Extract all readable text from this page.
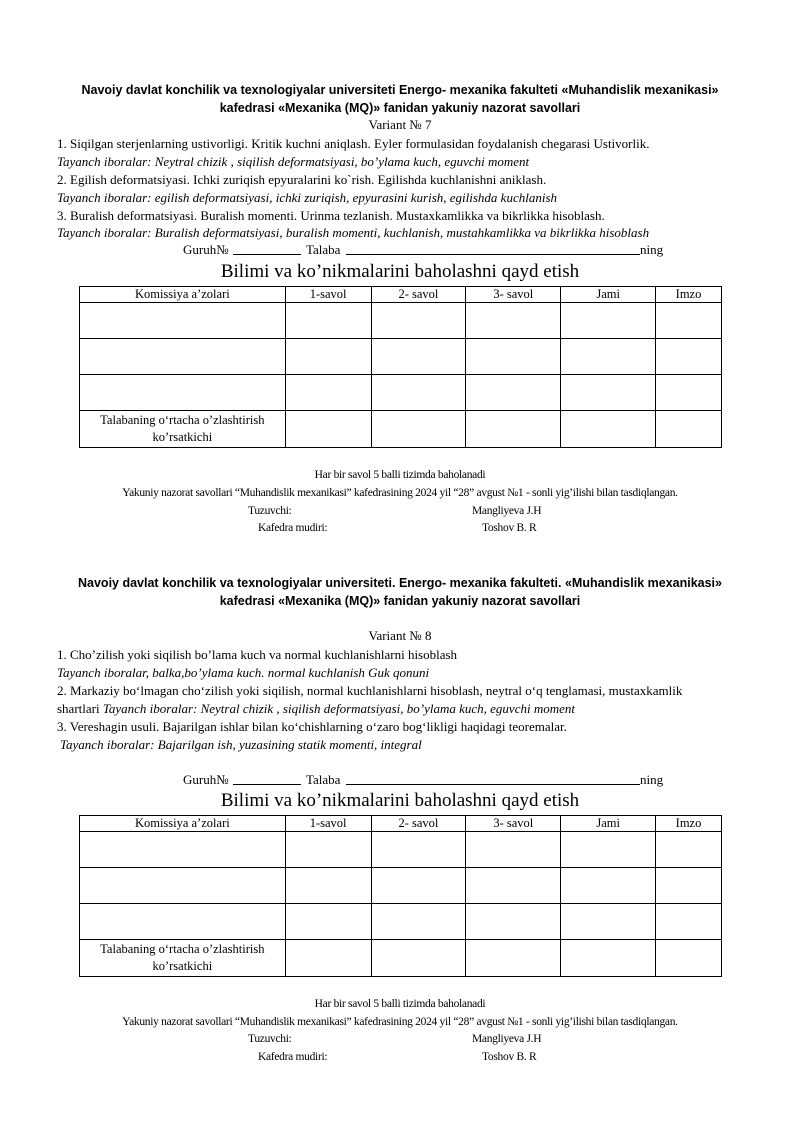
Navoiy davlat konchilik va texnologiyalar universiteti Energo- mexanika fakulteti «Muhandislik mexanikasi»
kafedrasi «Mexanika (MQ)» fanidan yakuniy nazorat savollari
Variant № 7
1. Siqilgan sterjenlarning ustivorligi. Kritik kuchni aniqlash. Eyler formulasidan foydalanish chegarasi Ustivorlik.
Tayanch iboralar: Neytral chizik , siqilish deformatsiyasi, bo’ylama kuch, eguvchi moment
2. Egilish deformatsiyasi. Ichki zuriqish epyuralarini ko`rish. Egilishda kuchlanishni aniklash.
Tayanch iboralar: egilish deformatsiyasi, ichki zuriqish, epyurasini kurish, egilishda kuchlanish
3. Buralish deformatsiyasi. Buralish momenti. Urinma tezlanish. Mustaxkamlikka va bikrlikka hisoblash.
Tayanch iboralar: Buralish deformatsiyasi, buralish momenti, kuchlanish, mustahkamlikka va bikrlikka hisoblash
Guruh№	Talaba	ning
Bilimi va ko’nikmalarini baholashni qayd etish
Komissiya a’zolari	1-savol	2- savol	3- savol	Jami	Imzo

Talabaning o‘rtacha o’zlashtirish
ko’rsatkichi					

Har bir savol 5 balli tizimda baholanadi
Yakuniy nazorat savollari “Muhandislik mexanikasi” kafedrasining 2024 yil “28” avgust №1 - sonli yig’ilishi bilan tasdiqlangan.
Tuzuvchi:	Mangliyeva J.H
Kafedra mudiri:	Toshov B. R
Navoiy davlat konchilik va texnologiyalar universiteti. Energo- mexanika fakulteti. «Muhandislik mexanikasi»
kafedrasi «Mexanika (MQ)» fanidan yakuniy nazorat savollari
Variant № 8
1. Cho’zilish yoki siqilish bo’lama kuch va normal kuchlanishlarni hisoblash
Tayanch iboralar, balka,bo’ylama kuch. normal kuchlanish Guk qonuni
2. Markaziy bo‘lmagan cho‘zilish yoki siqilish, normal kuchlanishlarni hisoblash, neytral o‘q tenglamasi, mustaxkamlik
shartlari Tayanch iboralar: Neytral chizik , siqilish deformatsiyasi, bo’ylama kuch, eguvchi moment
3. Vereshagin usuli. Bajarilgan ishlar bilan ko‘chishlarning o‘zaro bog‘likligi haqidagi teoremalar.
Tayanch iboralar: Bajarilgan ish, yuzasining statik momenti, integral
Guruh№	Talaba	ning
Bilimi va ko’nikmalarini baholashni qayd etish
Komissiya a’zolari	1-savol	2- savol	3- savol	Jami	Imzo

Talabaning o‘rtacha o’zlashtirish
ko’rsatkichi					

Har bir savol 5 balli tizimda baholanadi
Yakuniy nazorat savollari “Muhandislik mexanikasi” kafedrasining 2024 yil “28” avgust №1 - sonli yig’ilishi bilan tasdiqlangan.
Tuzuvchi:	Mangliyeva J.H
Kafedra mudiri:	Toshov B. R
